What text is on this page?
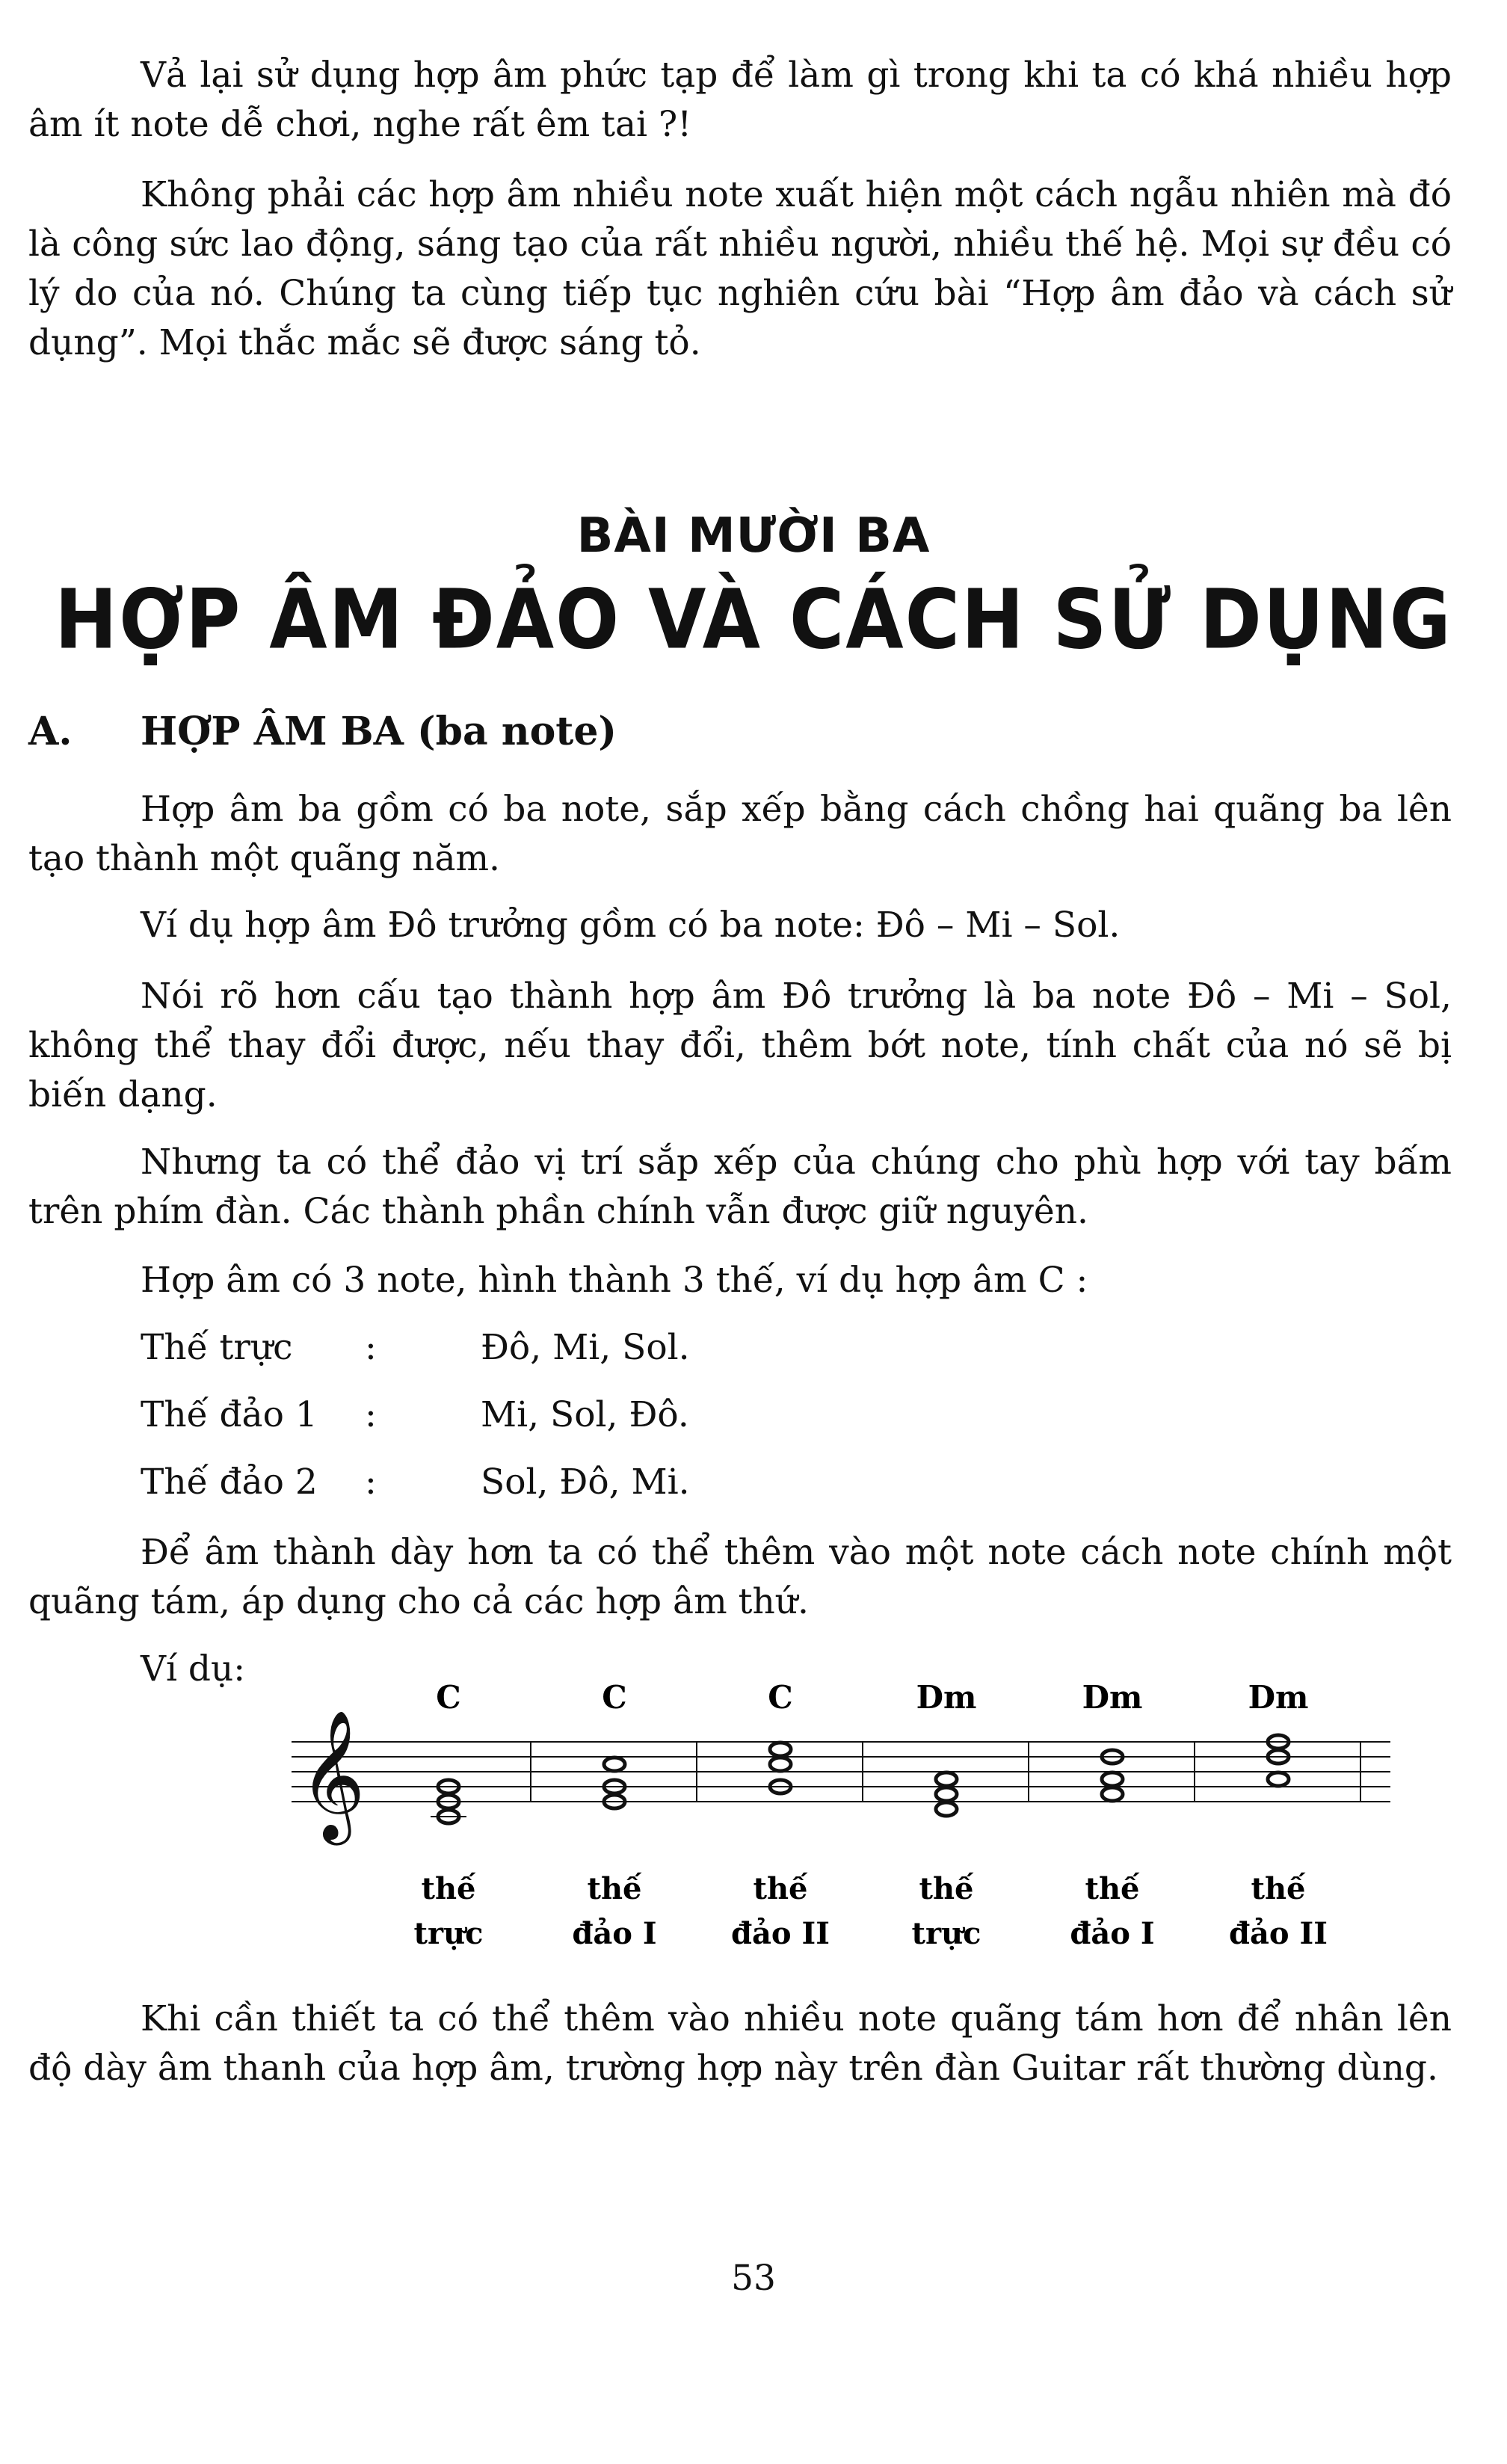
Vả lại sử dụng hợp âm phức tạp để làm gì trong khi ta có khá nhiều hợp âm ít note dễ chơi, nghe rất êm tai ?!

Không phải các hợp âm nhiều note xuất hiện một cách ngẫu nhiên mà đó là công sức lao động, sáng tạo của rất nhiều người, nhiều thế hệ. Mọi sự đều có lý do của nó. Chúng ta cùng tiếp tục nghiên cứu bài “Hợp âm đảo và cách sử dụng”. Mọi thắc mắc sẽ được sáng tỏ.

BÀI MƯỜI BA
HỢP ÂM ĐẢO VÀ CÁCH SỬ DỤNG
A. HỢP ÂM BA (ba note)

Hợp âm ba gồm có ba note, sắp xếp bằng cách chồng hai quãng ba lên tạo thành một quãng năm.

Ví dụ hợp âm Đô trưởng gồm có ba note: Đô – Mi – Sol.

Nói rõ hơn cấu tạo thành hợp âm Đô trưởng là ba note Đô – Mi – Sol, không thể thay đổi được, nếu thay đổi, thêm bớt note, tính chất của nó sẽ bị biến dạng.

Nhưng ta có thể đảo vị trí sắp xếp của chúng cho phù hợp với tay bấm trên phím đàn. Các thành phần chính vẫn được giữ nguyên.

Hợp âm có 3 note, hình thành 3 thế, ví dụ hợp âm C :

Thế trực :	Đô, Mi, Sol.
Thế đảo 1 :	Mi, Sol, Đô.
Thế đảo 2 :	Sol, Đô, Mi.

Để âm thành dày hơn ta có thể thêm vào một note cách note chính một quãng tám, áp dụng cho cả các hợp âm thứ.

Ví dụ:

𝄞
C
thế
trực
C
thế
đảo I
C
thế
đảo II
Dm
thế
trực
Dm
thế
đảo I
Dm
thế
đảo II

Khi cần thiết ta có thể thêm vào nhiều note quãng tám hơn để nhân lên độ dày âm thanh của hợp âm, trường hợp này trên đàn Guitar rất thường dùng.

53
